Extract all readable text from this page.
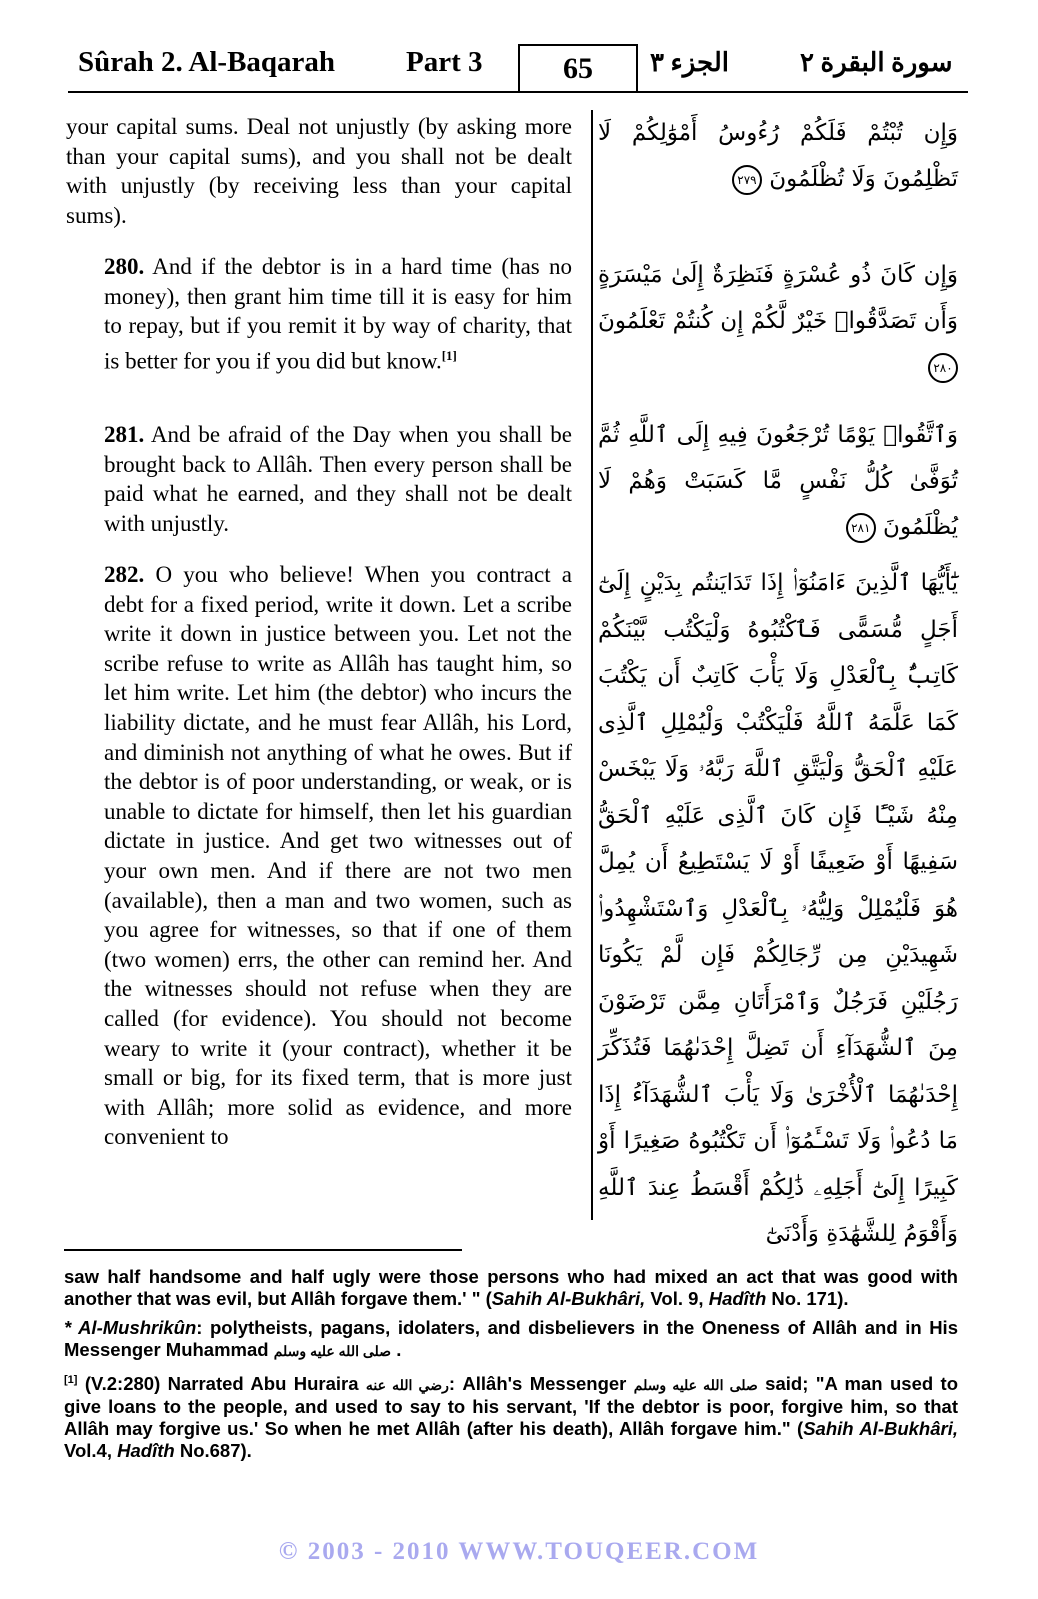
Sûrah 2. Al-Baqarah Part 3	65	الجزء ٣	سورة البقرة ٢

your capital sums. Deal not unjustly (by asking more than your capital sums), and you shall not be dealt with unjustly (by receiving less than your capital sums).

280. And if the debtor is in a hard time (has no money), then grant him time till it is easy for him to repay, but if you remit it by way of charity, that is better for you if you did but know.[1]

281. And be afraid of the Day when you shall be brought back to Allâh. Then every person shall be paid what he earned, and they shall not be dealt with unjustly.

282. O you who believe! When you contract a debt for a fixed period, write it down. Let a scribe write it down in justice between you. Let not the scribe refuse to write as Allâh has taught him, so let him write. Let him (the debtor) who incurs the liability dictate, and he must fear Allâh, his Lord, and diminish not anything of what he owes. But if the debtor is of poor understanding, or weak, or is unable to dictate for himself, then let his guardian dictate in justice. And get two witnesses out of your own men. And if there are not two men (available), then a man and two women, such as you agree for witnesses, so that if one of them (two women) errs, the other can remind her. And the witnesses should not refuse when they are called (for evidence). You should not become weary to write it (your contract), whether it be small or big, for its fixed term, that is more just with Allâh; more solid as evidence, and more convenient to

وَإِن تُبْتُمْ فَلَكُمْ رُءُوسُ أَمْوَٰلِكُمْ لَا تَظْلِمُونَ وَلَا تُظْلَمُونَ ٢٧٩
وَإِن كَانَ ذُو عُسْرَةٍ فَنَظِرَةٌ إِلَىٰ مَيْسَرَةٍ وَأَن تَصَدَّقُوا۟ خَيْرٌ لَّكُمْ إِن كُنتُمْ تَعْلَمُونَ ٢٨٠
وَٱتَّقُوا۟ يَوْمًا تُرْجَعُونَ فِيهِ إِلَى ٱللَّهِ ثُمَّ تُوَفَّىٰ كُلُّ نَفْسٍ مَّا كَسَبَتْ وَهُمْ لَا يُظْلَمُونَ ٢٨١
يَٰٓأَيُّهَا ٱلَّذِينَ ءَامَنُوٓا۟ إِذَا تَدَايَنتُم بِدَيْنٍ إِلَىٰٓ أَجَلٍ مُّسَمًّى فَٱكْتُبُوهُ وَلْيَكْتُب بَّيْنَكُمْ كَاتِبٌۢ بِٱلْعَدْلِ وَلَا يَأْبَ كَاتِبٌ أَن يَكْتُبَ كَمَا عَلَّمَهُ ٱللَّهُ فَلْيَكْتُبْ وَلْيُمْلِلِ ٱلَّذِى عَلَيْهِ ٱلْحَقُّ وَلْيَتَّقِ ٱللَّهَ رَبَّهُۥ وَلَا يَبْخَسْ مِنْهُ شَيْـًٔا فَإِن كَانَ ٱلَّذِى عَلَيْهِ ٱلْحَقُّ سَفِيهًا أَوْ ضَعِيفًا أَوْ لَا يَسْتَطِيعُ أَن يُمِلَّ هُوَ فَلْيُمْلِلْ وَلِيُّهُۥ بِٱلْعَدْلِ وَٱسْتَشْهِدُوا۟ شَهِيدَيْنِ مِن رِّجَالِكُمْ فَإِن لَّمْ يَكُونَا رَجُلَيْنِ فَرَجُلٌ وَٱمْرَأَتَانِ مِمَّن تَرْضَوْنَ مِنَ ٱلشُّهَدَآءِ أَن تَضِلَّ إِحْدَىٰهُمَا فَتُذَكِّرَ إِحْدَىٰهُمَا ٱلْأُخْرَىٰ وَلَا يَأْبَ ٱلشُّهَدَآءُ إِذَا مَا دُعُوا۟ وَلَا تَسْـَٔمُوٓا۟ أَن تَكْتُبُوهُ صَغِيرًا أَوْ كَبِيرًا إِلَىٰٓ أَجَلِهِۦ ذَٰلِكُمْ أَقْسَطُ عِندَ ٱللَّهِ وَأَقْوَمُ لِلشَّهَٰدَةِ وَأَدْنَىٰٓ

saw half handsome and half ugly were those persons who had mixed an act that was good with another that was evil, but Allâh forgave them.' " (Sahih Al-Bukhâri, Vol. 9, Hadîth No. 171).

* Al-Mushrikûn: polytheists, pagans, idolaters, and disbelievers in the Oneness of Allâh and in His Messenger Muhammad صلى الله عليه وسلم .

[1] (V.2:280) Narrated Abu Huraira رضي الله عنه: Allâh's Messenger صلى الله عليه وسلم said; "A man used to give loans to the people, and used to say to his servant, 'If the debtor is poor, forgive him, so that Allâh may forgive us.' So when he met Allâh (after his death), Allâh forgave him." (Sahih Al-Bukhâri, Vol.4, Hadîth No.687).

© 2003 - 2010 WWW.TOUQEER.COM
